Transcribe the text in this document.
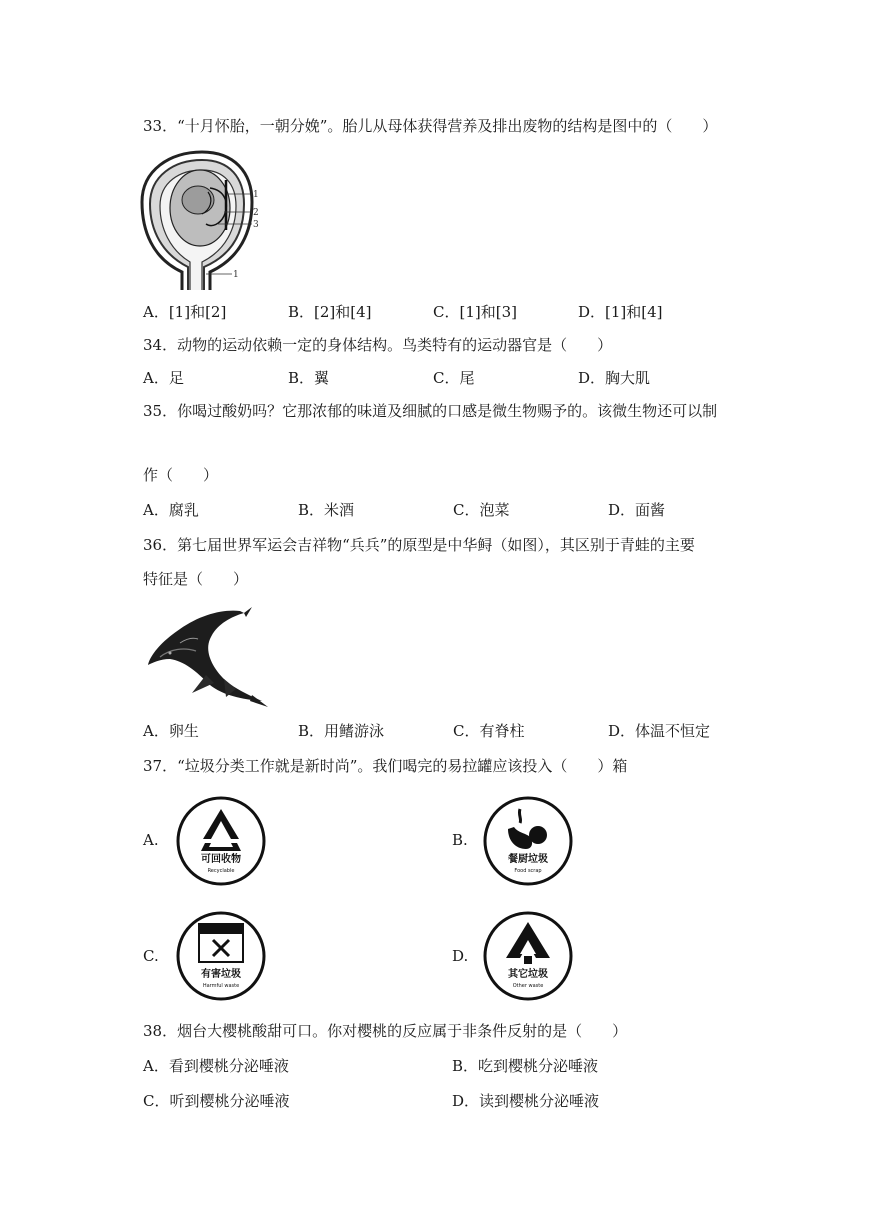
33．“十月怀胎，一朝分娩”。胎儿从母体获得营养及排出废物的结构是图中的（　　）
1
2
3
1
A．[1]和[2]	B．[2]和[4]	C．[1]和[3]	D．[1]和[4]
34．动物的运动依赖一定的身体结构。鸟类特有的运动器官是（　　）
A．足	B．翼	C．尾	D．胸大肌
35．你喝过酸奶吗？它那浓郁的味道及细腻的口感是微生物赐予的。该微生物还可以制
作（　　）
A．腐乳	B．米酒	C．泡菜	D．面酱
36．第七届世界军运会吉祥物“兵兵”的原型是中华鲟（如图），其区别于青蛙的主要
特征是（　　）
A．卵生	B．用鳍游泳	C．有脊柱	D．体温不恒定
37．“垃圾分类工作就是新时尚”。我们喝完的易拉罐应该投入（　　）箱
A.
可回收物
Recyclable
B.
餐厨垃圾
Food scrap
C.
有害垃圾
Harmful waste
D.
其它垃圾
Other waste
38．烟台大樱桃酸甜可口。你对樱桃的反应属于非条件反射的是（　　）
A．看到樱桃分泌唾液	B．吃到樱桃分泌唾液
C．听到樱桃分泌唾液	D．读到樱桃分泌唾液
